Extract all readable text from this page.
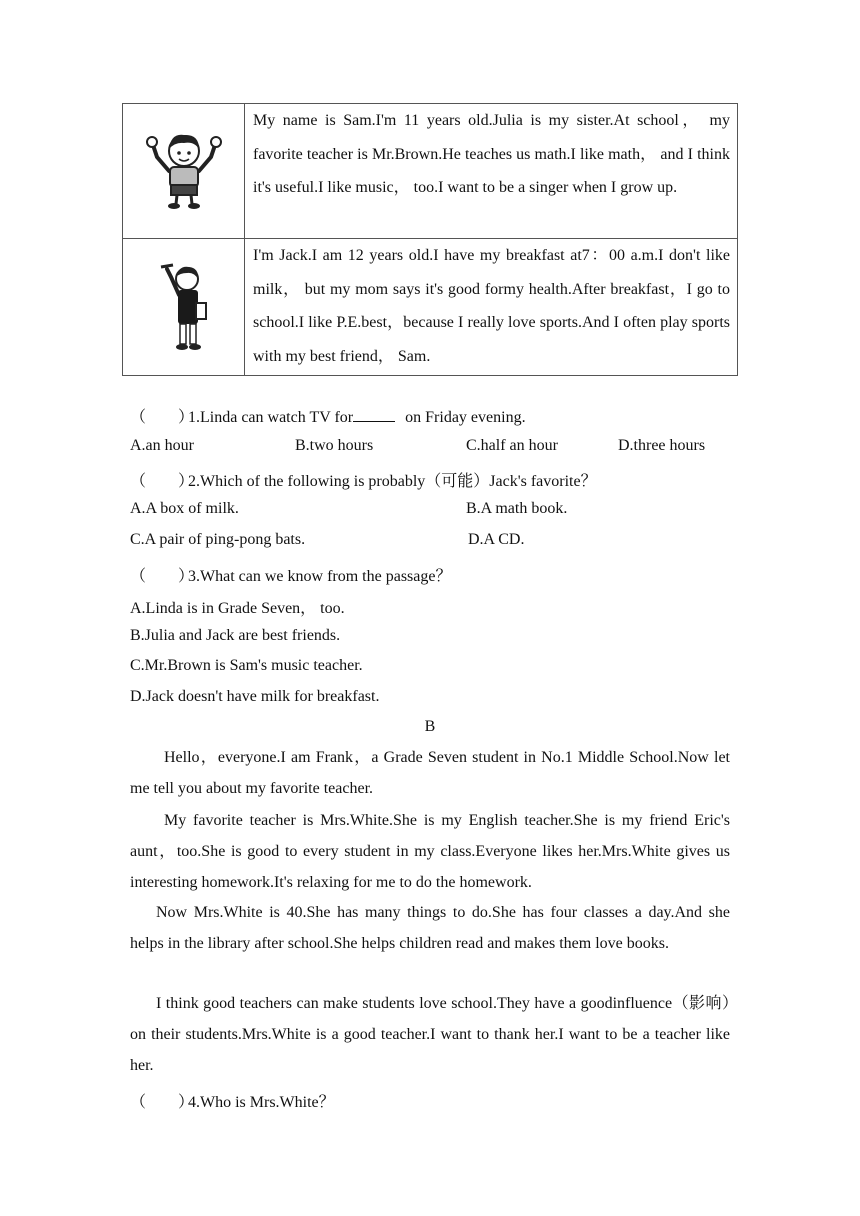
	My name is Sam.I'm 11 years old.Julia is my sister.At school， my favorite teacher is Mr.Brown.He teaches us math.I like math， and I think it's useful.I like music， too.I want to be a singer when I grow up.
	I'm Jack.I am 12 years old.I have my breakfast at7：00 a.m.I don't like milk， but my mom says it's good formy health.After breakfast，I go to school.I like P.E.best，because I really love sports.And I often play sports with my best friend， Sam.
（　　）1.Linda can watch TV for	on Friday evening.
A.an hour	B.two hours	C.half an hour	D.three hours
（　　）2.Which of the following is probably（可能）Jack's favorite？
A.A box of milk.	B.A math book.
C.A pair of ping-pong bats.	D.A CD.
（　　）3.What can we know from the passage？
A.Linda is in Grade Seven， too.
B.Julia and Jack are best friends.
C.Mr.Brown is Sam's music teacher.
D.Jack doesn't have milk for breakfast.
B
Hello，everyone.I am Frank，a Grade Seven student in No.1 Middle School.Now let me tell you about my favorite teacher.
My favorite teacher is Mrs.White.She is my English teacher.She is my friend Eric's aunt，too.She is good to every student in my class.Everyone likes her.Mrs.White gives us interesting homework.It's relaxing for me to do the homework.
Now Mrs.White is 40.She has many things to do.She has four classes a day.And she helps in the library after school.She helps children read and makes them love books.
I think good teachers can make students love school.They have a goodinfluence（影响）on their students.Mrs.White is a good teacher.I want to thank her.I want to be a teacher like her.
（　　）4.Who is Mrs.White？
